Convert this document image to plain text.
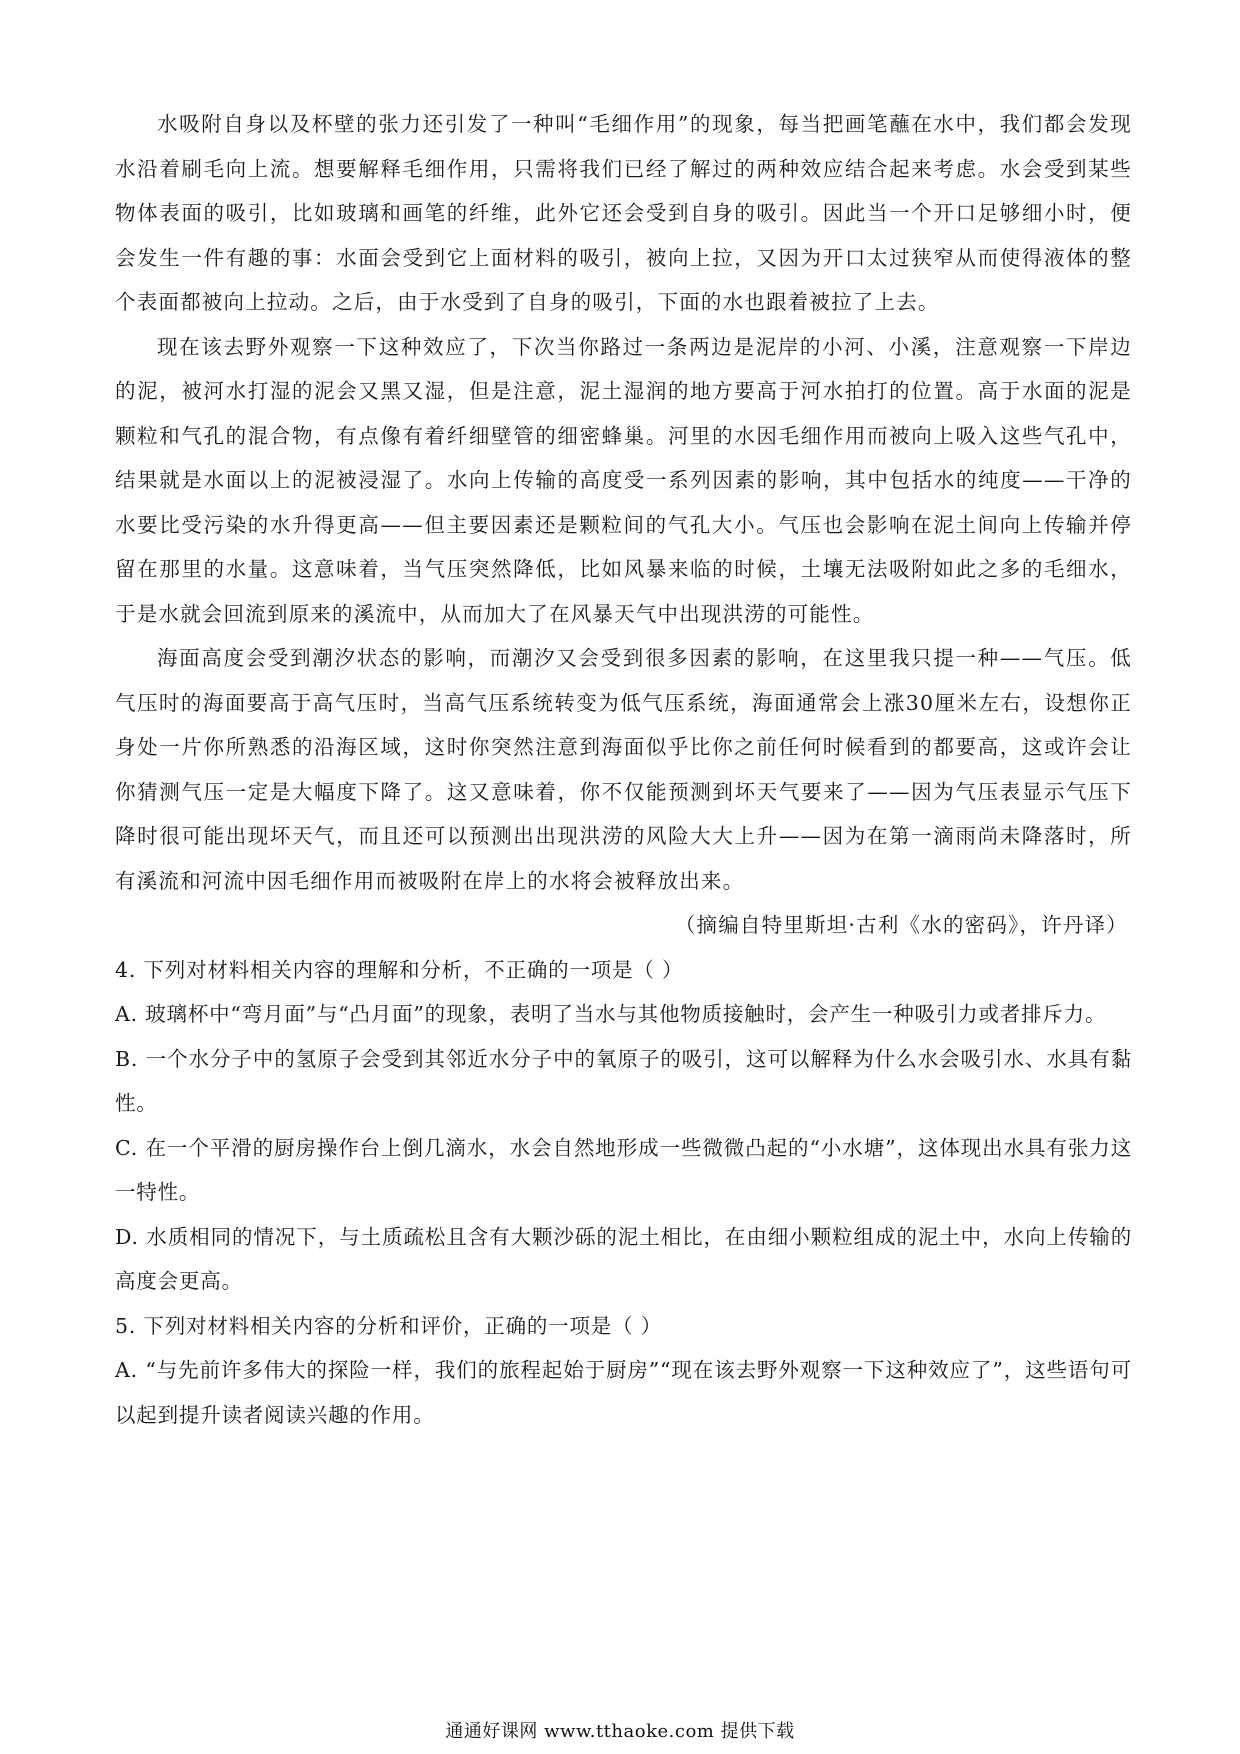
水吸附自身以及杯壁的张力还引发了一种叫“毛细作用”的现象，每当把画笔蘸在水中，我们都会发现水沿着刷毛向上流。想要解释毛细作用，只需将我们已经了解过的两种效应结合起来考虑。水会受到某些物体表面的吸引，比如玻璃和画笔的纤维，此外它还会受到自身的吸引。因此当一个开口足够细小时，便会发生一件有趣的事：水面会受到它上面材料的吸引，被向上拉，又因为开口太过狭窄从而使得液体的整个表面都被向上拉动。之后，由于水受到了自身的吸引，下面的水也跟着被拉了上去。

现在该去野外观察一下这种效应了，下次当你路过一条两边是泥岸的小河、小溪，注意观察一下岸边的泥，被河水打湿的泥会又黑又湿，但是注意，泥土湿润的地方要高于河水拍打的位置。高于水面的泥是颗粒和气孔的混合物，有点像有着纤细壁管的细密蜂巢。河里的水因毛细作用而被向上吸入这些气孔中，结果就是水面以上的泥被浸湿了。水向上传输的高度受一系列因素的影响，其中包括水的纯度——干净的水要比受污染的水升得更高——但主要因素还是颗粒间的气孔大小。气压也会影响在泥土间向上传输并停留在那里的水量。这意味着，当气压突然降低，比如风暴来临的时候，土壤无法吸附如此之多的毛细水，于是水就会回流到原来的溪流中，从而加大了在风暴天气中出现洪涝的可能性。

海面高度会受到潮汐状态的影响，而潮汐又会受到很多因素的影响，在这里我只提一种——气压。低气压时的海面要高于高气压时，当高气压系统转变为低气压系统，海面通常会上涨30厘米左右，设想你正身处一片你所熟悉的沿海区域，这时你突然注意到海面似乎比你之前任何时候看到的都要高，这或许会让你猜测气压一定是大幅度下降了。这又意味着，你不仅能预测到坏天气要来了——因为气压表显示气压下降时很可能出现坏天气，而且还可以预测出出现洪涝的风险大大上升——因为在第一滴雨尚未降落时，所有溪流和河流中因毛细作用而被吸附在岸上的水将会被释放出来。

（摘编自特里斯坦·古利《水的密码》，许丹译）

4. 下列对材料相关内容的理解和分析，不正确的一项是（ ）

A. 玻璃杯中“弯月面”与“凸月面”的现象，表明了当水与其他物质接触时，会产生一种吸引力或者排斥力。

B. 一个水分子中的氢原子会受到其邻近水分子中的氧原子的吸引，这可以解释为什么水会吸引水、水具有黏性。

C. 在一个平滑的厨房操作台上倒几滴水，水会自然地形成一些微微凸起的“小水塘”，这体现出水具有张力这一特性。

D. 水质相同的情况下，与土质疏松且含有大颗沙砾的泥土相比，在由细小颗粒组成的泥土中，水向上传输的高度会更高。

5. 下列对材料相关内容的分析和评价，正确的一项是（ ）

A. “与先前许多伟大的探险一样，我们的旅程起始于厨房”“现在该去野外观察一下这种效应了”，这些语句可以起到提升读者阅读兴趣的作用。

通通好课网 www.tthaoke.com 提供下载
